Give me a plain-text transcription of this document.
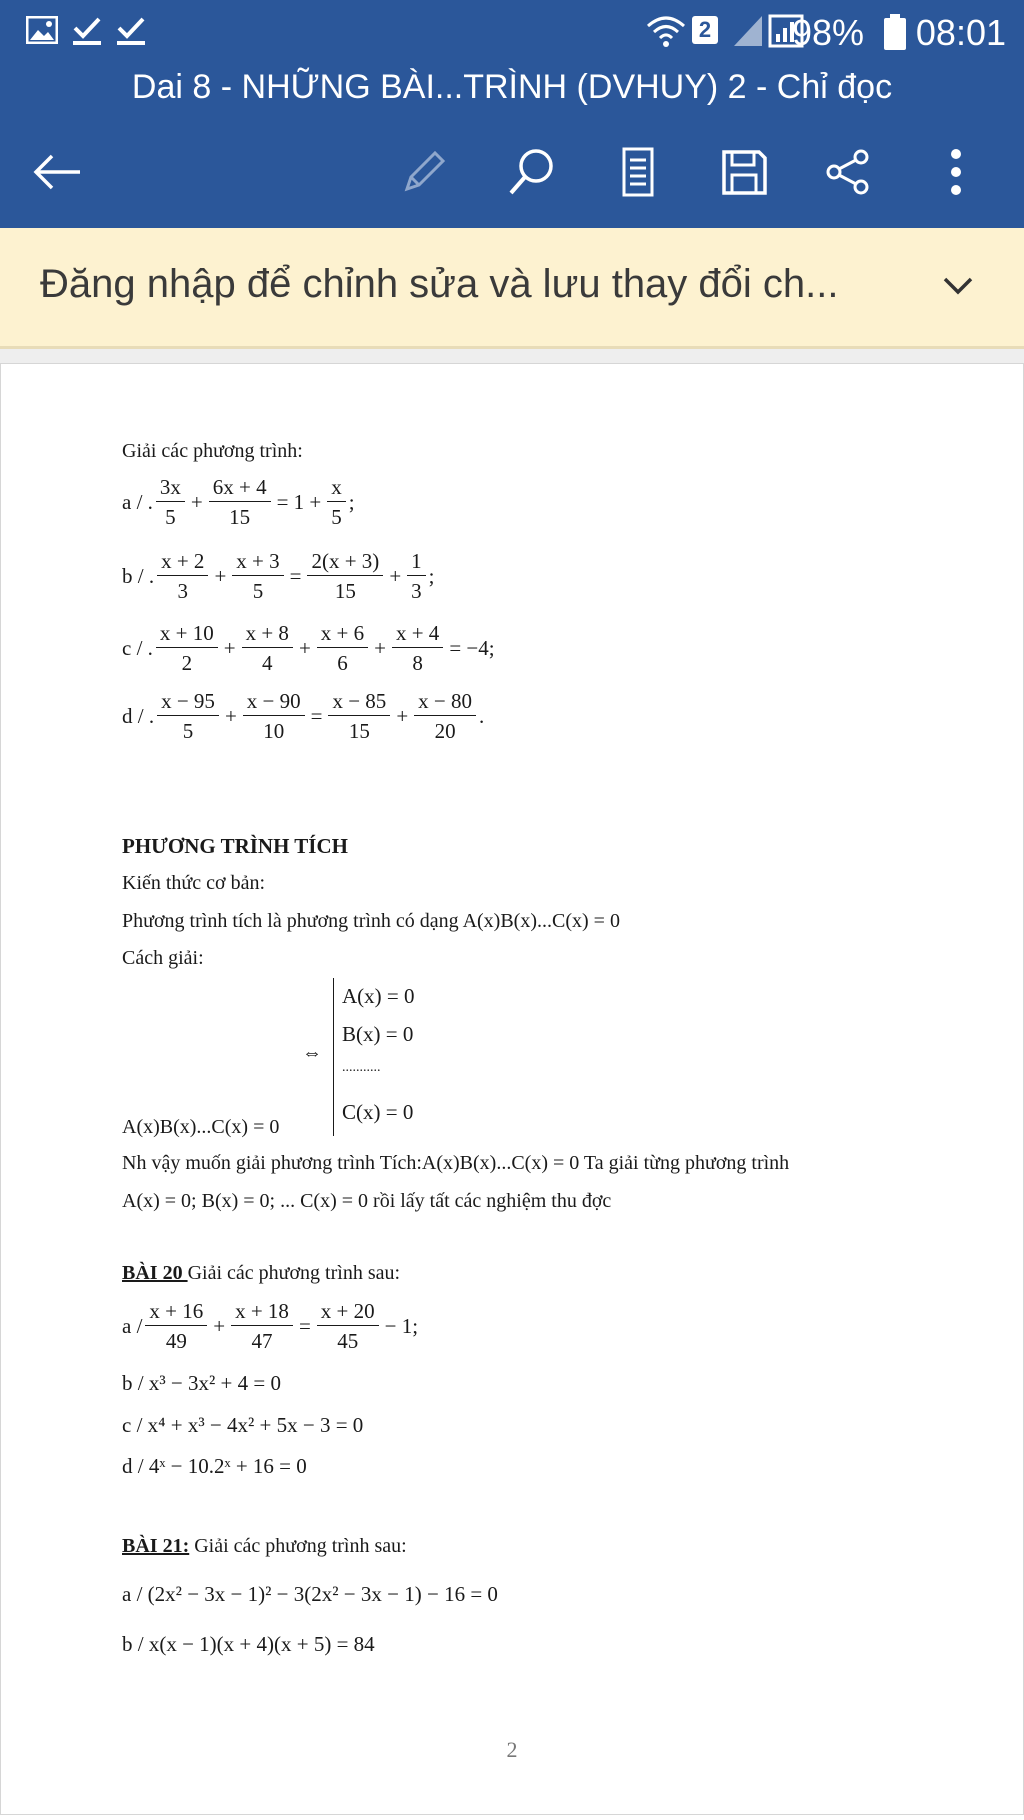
2 98% 08:01
Dai 8 - NHỮNG BÀI...TRÌNH (DVHUY) 2 - Chỉ đọc
Đăng nhập để chỉnh sửa và lưu thay đổi ch...
Giải các phương trình:
a / . $\frac{3x}{5} + \frac{6x + 4}{15} = 1 + \frac{x}{5}$ ;
b / . $\frac{x + 2}{3} + \frac{x + 3}{5} = \frac{2(x + 3)}{15} + \frac{1}{3}$ ;
c / . $\frac{x + 10}{2} + \frac{x + 8}{4} + \frac{x + 6}{6} + \frac{x + 4}{8} = -4$;
d / . $\frac{x - 95}{5} + \frac{x - 90}{10} = \frac{x - 85}{15} + \frac{x - 80}{20}$ .
PHƯƠNG TRÌNH TÍCH
Kiến thức cơ bản:
Phương trình tích là phương trình có dạng A(x)B(x)...C(x) = 0
Cách giải:
⇔
A(x) = 0
B(x) = 0
...........
C(x) = 0
A(x)B(x)...C(x) = 0
Nh vậy muốn giải phương trình Tích:A(x)B(x)...C(x) = 0 Ta giải từng phương trình
A(x) = 0; B(x) = 0; ... C(x) = 0 rồi lấy tất các nghiệm thu đợc
BÀI 20 Giải các phương trình sau:
$a / \frac{x + 16}{49} + \frac{x + 18}{47} = \frac{x + 20}{45} - 1$;
b / x³ − 3x² + 4 = 0
c / x⁴ + x³ − 4x² + 5x − 3 = 0
d / 4ˣ − 10.2ˣ + 16 = 0
BÀI 21: Giải các phương trình sau:
a / (2x² − 3x − 1)² − 3(2x² − 3x − 1) − 16 = 0
b / x(x − 1)(x + 4)(x + 5) = 84
2
